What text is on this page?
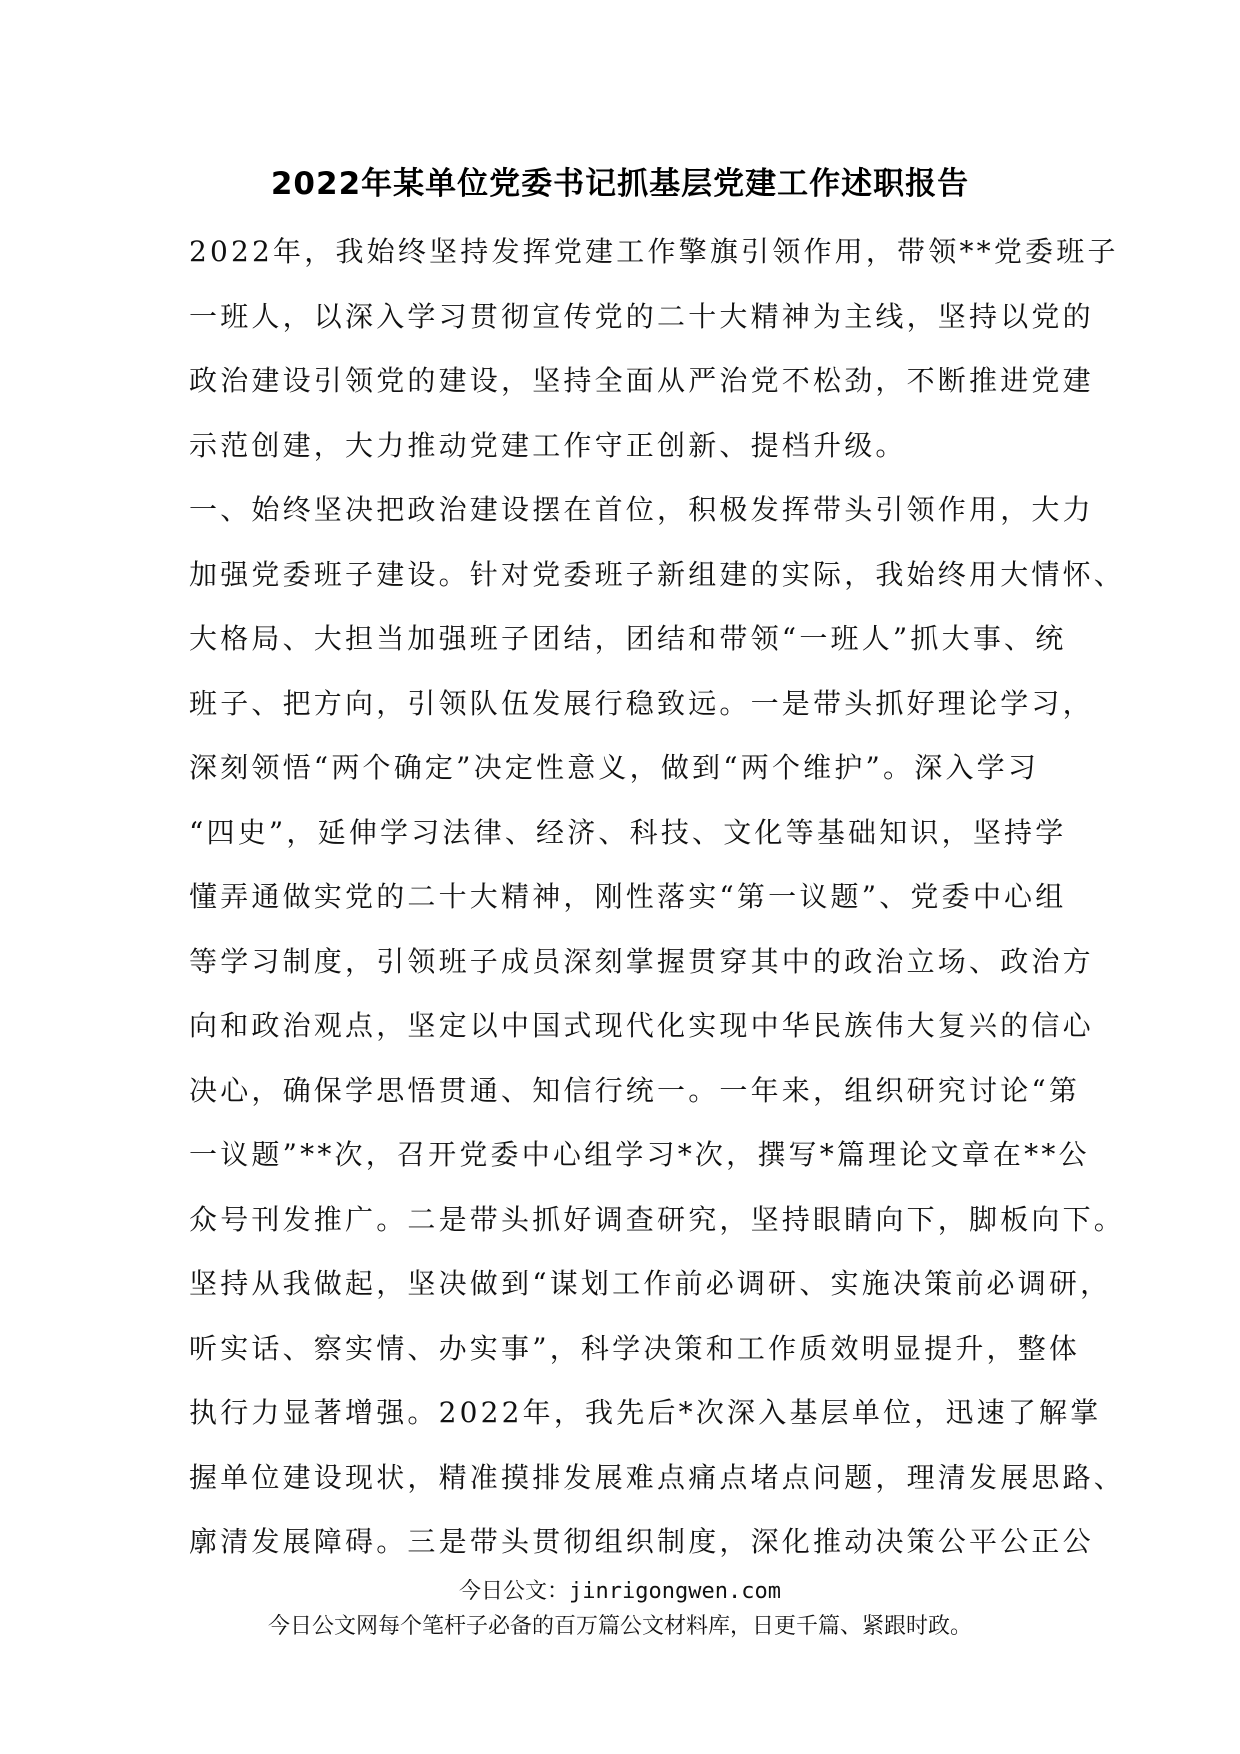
2022年某单位党委书记抓基层党建工作述职报告
2022年，我始终坚持发挥党建工作擎旗引领作用，带领**党委班子
一班人，以深入学习贯彻宣传党的二十大精神为主线，坚持以党的
政治建设引领党的建设，坚持全面从严治党不松劲，不断推进党建
示范创建，大力推动党建工作守正创新、提档升级。
一、始终坚决把政治建设摆在首位，积极发挥带头引领作用，大力
加强党委班子建设。针对党委班子新组建的实际，我始终用大情怀、
大格局、大担当加强班子团结，团结和带领“一班人”抓大事、统
班子、把方向，引领队伍发展行稳致远。一是带头抓好理论学习，
深刻领悟“两个确定”决定性意义，做到“两个维护”。深入学习
“四史”，延伸学习法律、经济、科技、文化等基础知识，坚持学
懂弄通做实党的二十大精神，刚性落实“第一议题”、党委中心组
等学习制度，引领班子成员深刻掌握贯穿其中的政治立场、政治方
向和政治观点，坚定以中国式现代化实现中华民族伟大复兴的信心
决心，确保学思悟贯通、知信行统一。一年来，组织研究讨论“第
一议题”**次，召开党委中心组学习*次，撰写*篇理论文章在**公
众号刊发推广。二是带头抓好调查研究，坚持眼睛向下，脚板向下。
坚持从我做起，坚决做到“谋划工作前必调研、实施决策前必调研，
听实话、察实情、办实事”，科学决策和工作质效明显提升，整体
执行力显著增强。2022年，我先后*次深入基层单位，迅速了解掌
握单位建设现状，精准摸排发展难点痛点堵点问题，理清发展思路、
廓清发展障碍。三是带头贯彻组织制度，深化推动决策公平公正公
今日公文：jinrigongwen.com
今日公文网每个笔杆子必备的百万篇公文材料库，日更千篇、紧跟时政。
